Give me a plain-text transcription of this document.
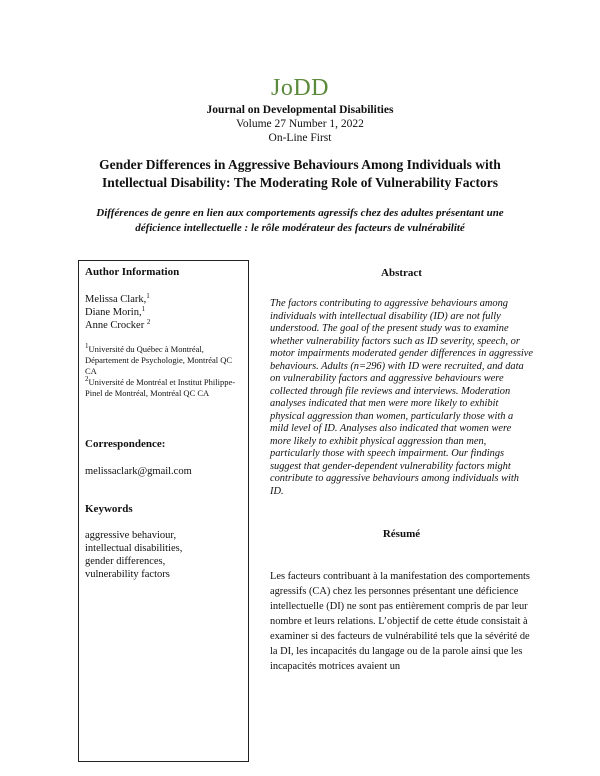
JoDD
Journal on Developmental Disabilities
Volume 27 Number 1, 2022
On-Line First
Gender Differences in Aggressive Behaviours Among Individuals with
Intellectual Disability: The Moderating Role of Vulnerability Factors
Différences de genre en lien aux comportements agressifs chez des adultes présentant une
déficience intellectuelle : le rôle modérateur des facteurs de vulnérabilité
Author Information
Melissa Clark,$^1$
Diane Morin,$^1$
Anne Crocker $^2$
$^1$Université du Québec à Montréal, Département de Psychologie, Montréal QC CA
$^2$Université de Montréal et Institut Philippe-Pinel de Montréal, Montréal QC CA
Correspondence:
melissaclark@gmail.com
Keywords
aggressive behaviour,
intellectual disabilities,
gender differences,
vulnerability factors
Abstract

The factors contributing to aggressive behaviours among individuals with intellectual disability (ID) are not fully understood. The goal of the present study was to examine whether vulnerability factors such as ID severity, speech, or motor impairments moderated gender differences in aggressive behaviours. Adults (n=296) with ID were recruited, and data on vulnerability factors and aggressive behaviours were collected through file reviews and interviews. Moderation analyses indicated that men were more likely to exhibit physical aggression than women, particularly those with a mild level of ID. Analyses also indicated that women were more likely to exhibit physical aggression than men, particularly those with speech impairment. Our findings suggest that gender-dependent vulnerability factors might contribute to aggressive behaviours among individuals with ID.

Résumé

Les facteurs contribuant à la manifestation des comportements agressifs (CA) chez les personnes présentant une déficience intellectuelle (DI) ne sont pas entièrement compris de par leur nombre et leurs relations. L’objectif de cette étude consistait à examiner si des facteurs de vulnérabilité tels que la sévérité de la DI, les incapacités du langage ou de la parole ainsi que les incapacités motrices avaient un
